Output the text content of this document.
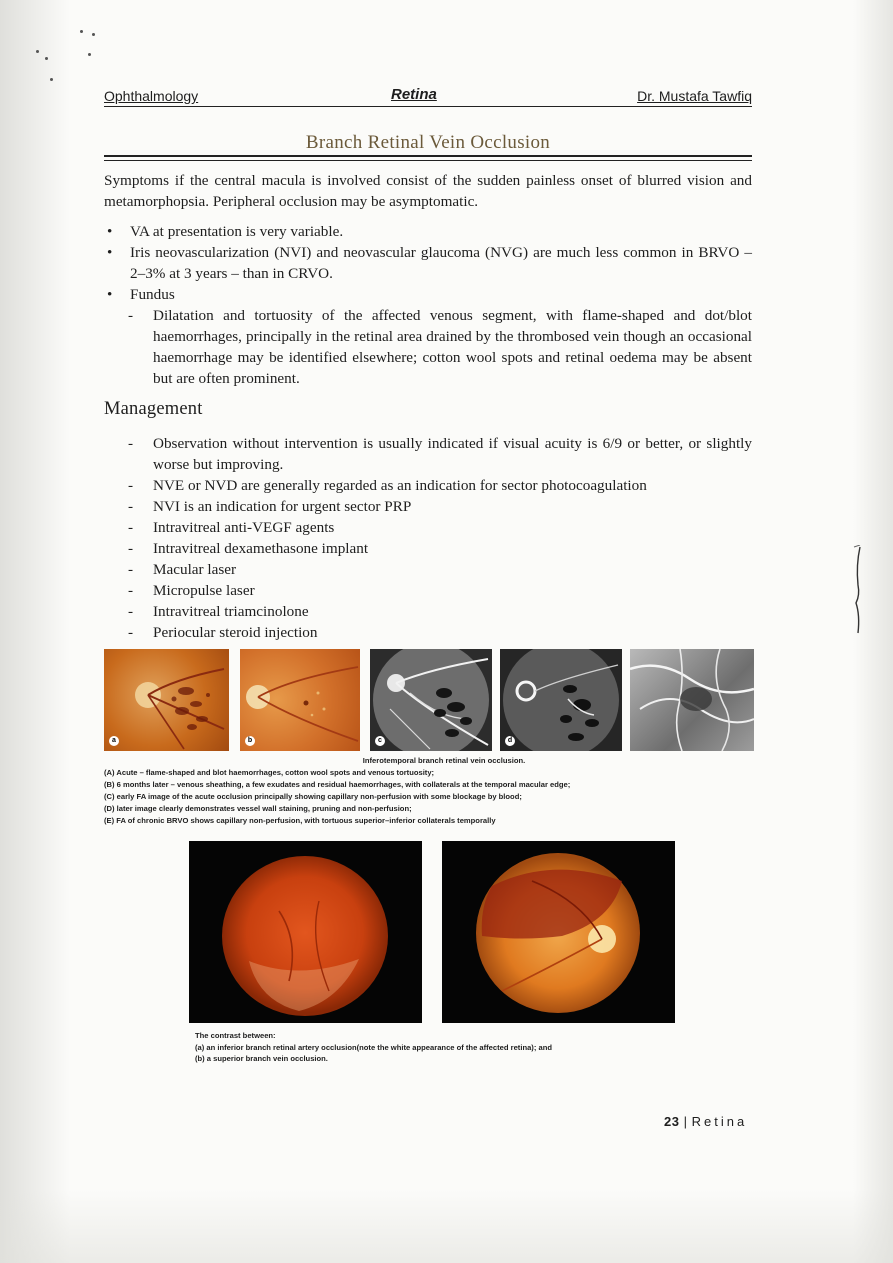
Ophthalmology	Retina	Dr. Mustafa Tawfiq
Branch Retinal Vein Occlusion
Symptoms if the central macula is involved consist of the sudden painless onset of blurred vision and metamorphopsia. Peripheral occlusion may be asymptomatic.
• VA at presentation is very variable.
• Iris neovascularization (NVI) and neovascular glaucoma (NVG) are much less common in BRVO – 2–3% at 3 years – than in CRVO.
• Fundus
- Dilatation and tortuosity of the affected venous segment, with flame-shaped and dot/blot haemorrhages, principally in the retinal area drained by the thrombosed vein though an occasional haemorrhage may be identified elsewhere; cotton wool spots and retinal oedema may be absent but are often prominent.
Management
- Observation without intervention is usually indicated if visual acuity is 6/9 or better, or slightly worse but improving.
- NVE or NVD are generally regarded as an indication for sector photocoagulation
- NVI is an indication for urgent sector PRP
- Intravitreal anti-VEGF agents
- Intravitreal dexamethasone implant
- Macular laser
- Micropulse laser
- Intravitreal triamcinolone
- Periocular steroid injection
a	b	c	d
Inferotemporal branch retinal vein occlusion.
(A) Acute – flame-shaped and blot haemorrhages, cotton wool spots and venous tortuosity;
(B) 6 months later – venous sheathing, a few exudates and residual haemorrhages, with collaterals at the temporal macular edge;
(C) early FA image of the acute occlusion principally showing capillary non-perfusion with some blockage by blood;
(D) later image clearly demonstrates vessel wall staining, pruning and non-perfusion;
(E) FA of chronic BRVO shows capillary non-perfusion, with tortuous superior–inferior collaterals temporally
The contrast between:
(a) an inferior branch retinal artery occlusion(note the white appearance of the affected retina); and
(b) a superior branch vein occlusion.
23 | Retina
